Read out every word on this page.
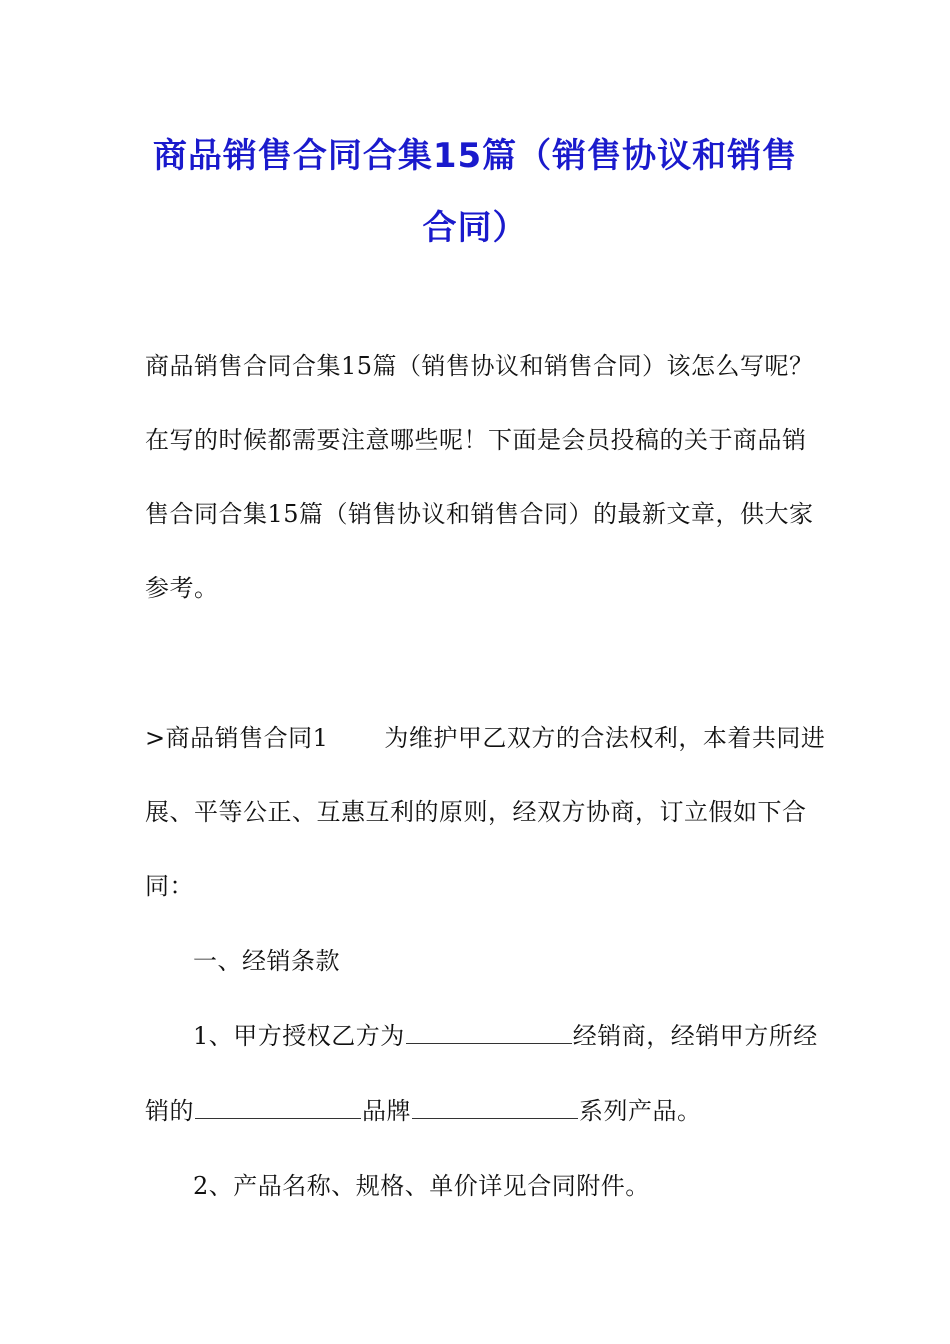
商品销售合同合集15篇（销售协议和销售
合同）
商品销售合同合集15篇（销售协议和销售合同）该怎么写呢？
在写的时候都需要注意哪些呢！下面是会员投稿的关于商品销
售合同合集15篇（销售协议和销售合同）的最新文章，供大家
参考。
>商品销售合同1 为维护甲乙双方的合法权利，本着共同进
展、平等公正、互惠互利的原则，经双方协商，订立假如下合
同：
一、经销条款
1、甲方授权乙方为	经销商，经销甲方所经
销的	品牌	系列产品。
2、产品名称、规格、单价详见合同附件。
